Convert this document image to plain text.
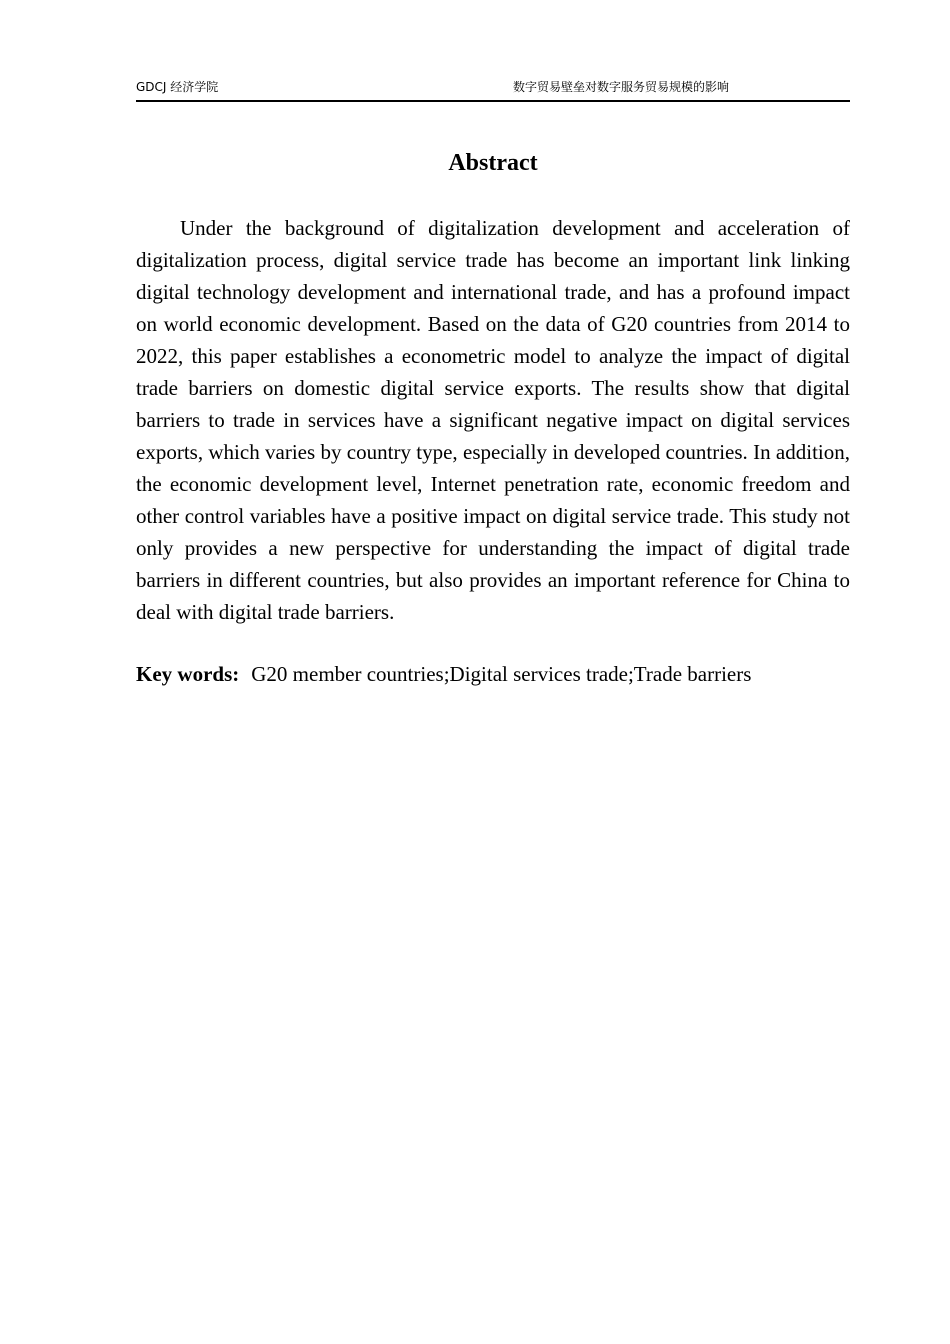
GDCJ 经济学院	数字贸易壁垒对数字服务贸易规模的影响
Abstract

Under the background of digitalization development and acceleration of digitalization process, digital service trade has become an important link linking digital technology development and international trade, and has a profound impact on world economic development. Based on the data of G20 countries from 2014 to 2022, this paper establishes a econometric model to analyze the impact of digital trade barriers on domestic digital service exports. The results show that digital barriers to trade in services have a significant negative impact on digital services exports, which varies by country type, especially in developed countries. In addition, the economic development level, Internet penetration rate, economic freedom and other control variables have a positive impact on digital service trade. This study not only provides a new perspective for understanding the impact of digital trade barriers in different countries, but also provides an important reference for China to deal with digital trade barriers.

Key words: G20 member countries;Digital services trade;Trade barriers
